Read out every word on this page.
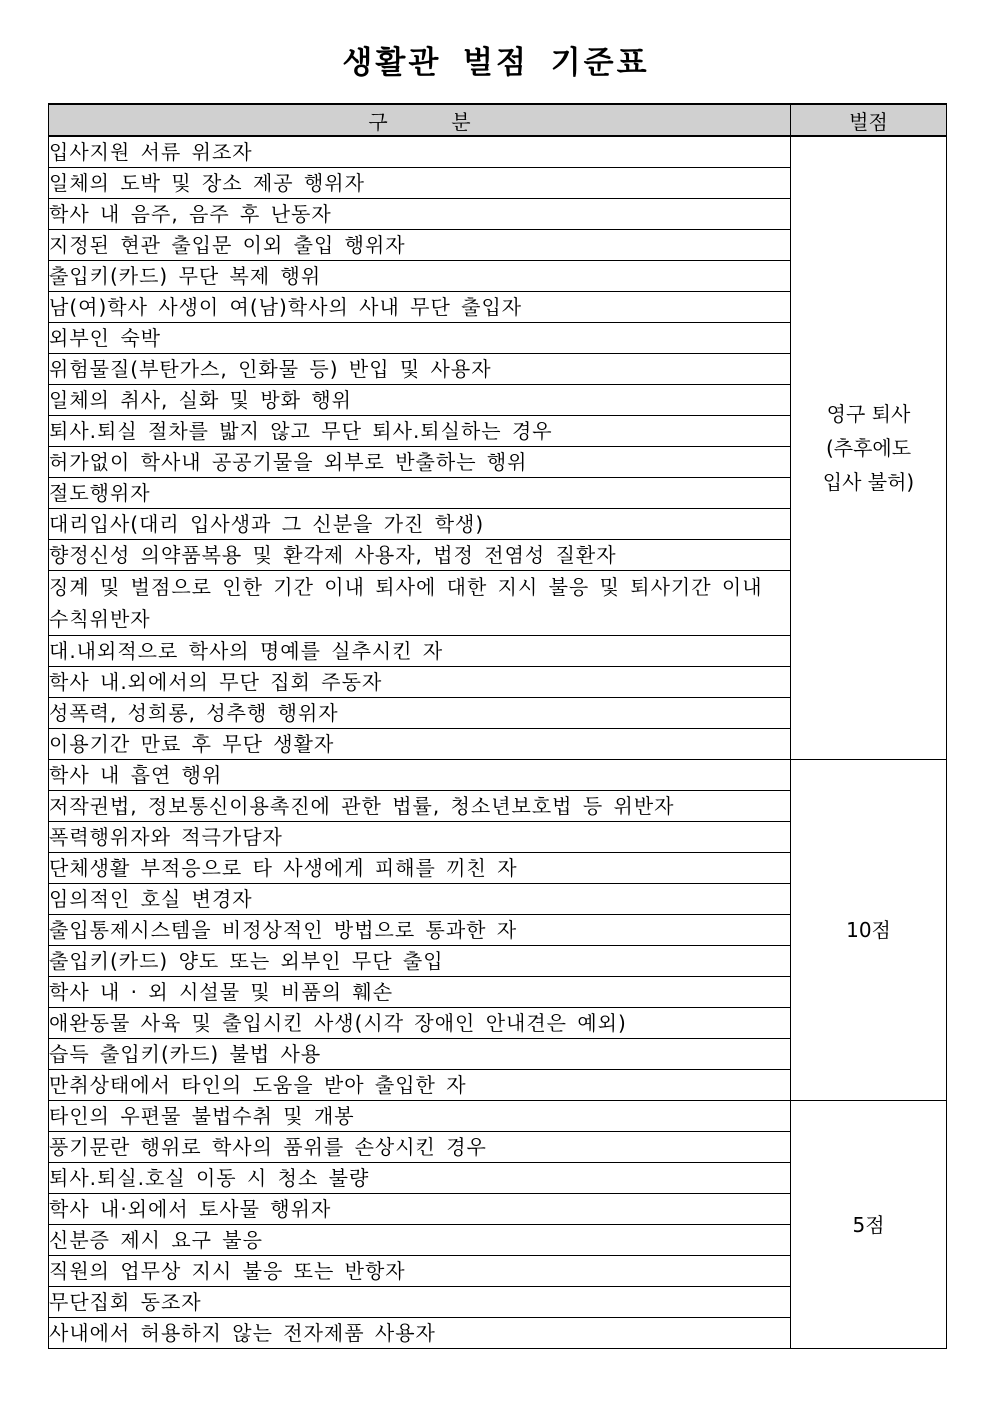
생활관 벌점 기준표
구          분	벌점
입사지원 서류 위조자	영구 퇴사
(추후에도
입사 불허)

일체의 도박 및 장소 제공 행위자	
학사 내 음주, 음주 후 난동자	
지정된 현관 출입문 이외 출입 행위자	
출입키(카드) 무단 복제 행위	
남(여)학사 사생이 여(남)학사의 사내 무단 출입자	
외부인 숙박	
위험물질(부탄가스, 인화물 등) 반입 및 사용자	
일체의 취사, 실화 및 방화 행위	
퇴사.퇴실 절차를 밟지 않고 무단 퇴사.퇴실하는 경우	
허가없이 학사내 공공기물을 외부로 반출하는 행위	
절도행위자	
대리입사(대리 입사생과 그 신분을 가진 학생)	
향정신성 의약품복용 및 환각제 사용자, 법정 전염성 질환자	
징계 및 벌점으로 인한 기간 이내 퇴사에 대한 지시 불응 및 퇴사기간 이내 수칙위반자	
대.내외적으로 학사의 명예를 실추시킨 자	
학사 내.외에서의 무단 집회 주동자	
성폭력, 성희롱, 성추행 행위자	
이용기간 만료 후 무단 생활자	
학사 내 흡연 행위	10점

저작권법, 정보통신이용촉진에 관한 법률, 청소년보호법 등 위반자	
폭력행위자와 적극가담자	
단체생활 부적응으로 타 사생에게 피해를 끼친 자	
임의적인 호실 변경자	
출입통제시스템을 비정상적인 방법으로 통과한 자	
출입키(카드) 양도 또는 외부인 무단 출입	
학사 내 · 외 시설물 및 비품의 훼손	
애완동물 사육 및 출입시킨 사생(시각 장애인 안내견은 예외)	
습득 출입키(카드) 불법 사용	
만취상태에서 타인의 도움을 받아 출입한 자	
타인의 우편물 불법수취 및 개봉	5점

풍기문란 행위로 학사의 품위를 손상시킨 경우	
퇴사.퇴실.호실 이동 시 청소 불량	
학사 내·외에서 토사물 행위자	
신분증 제시 요구 불응	
직원의 업무상 지시 불응 또는 반항자	
무단집회 동조자	
사내에서 허용하지 않는 전자제품 사용자	
